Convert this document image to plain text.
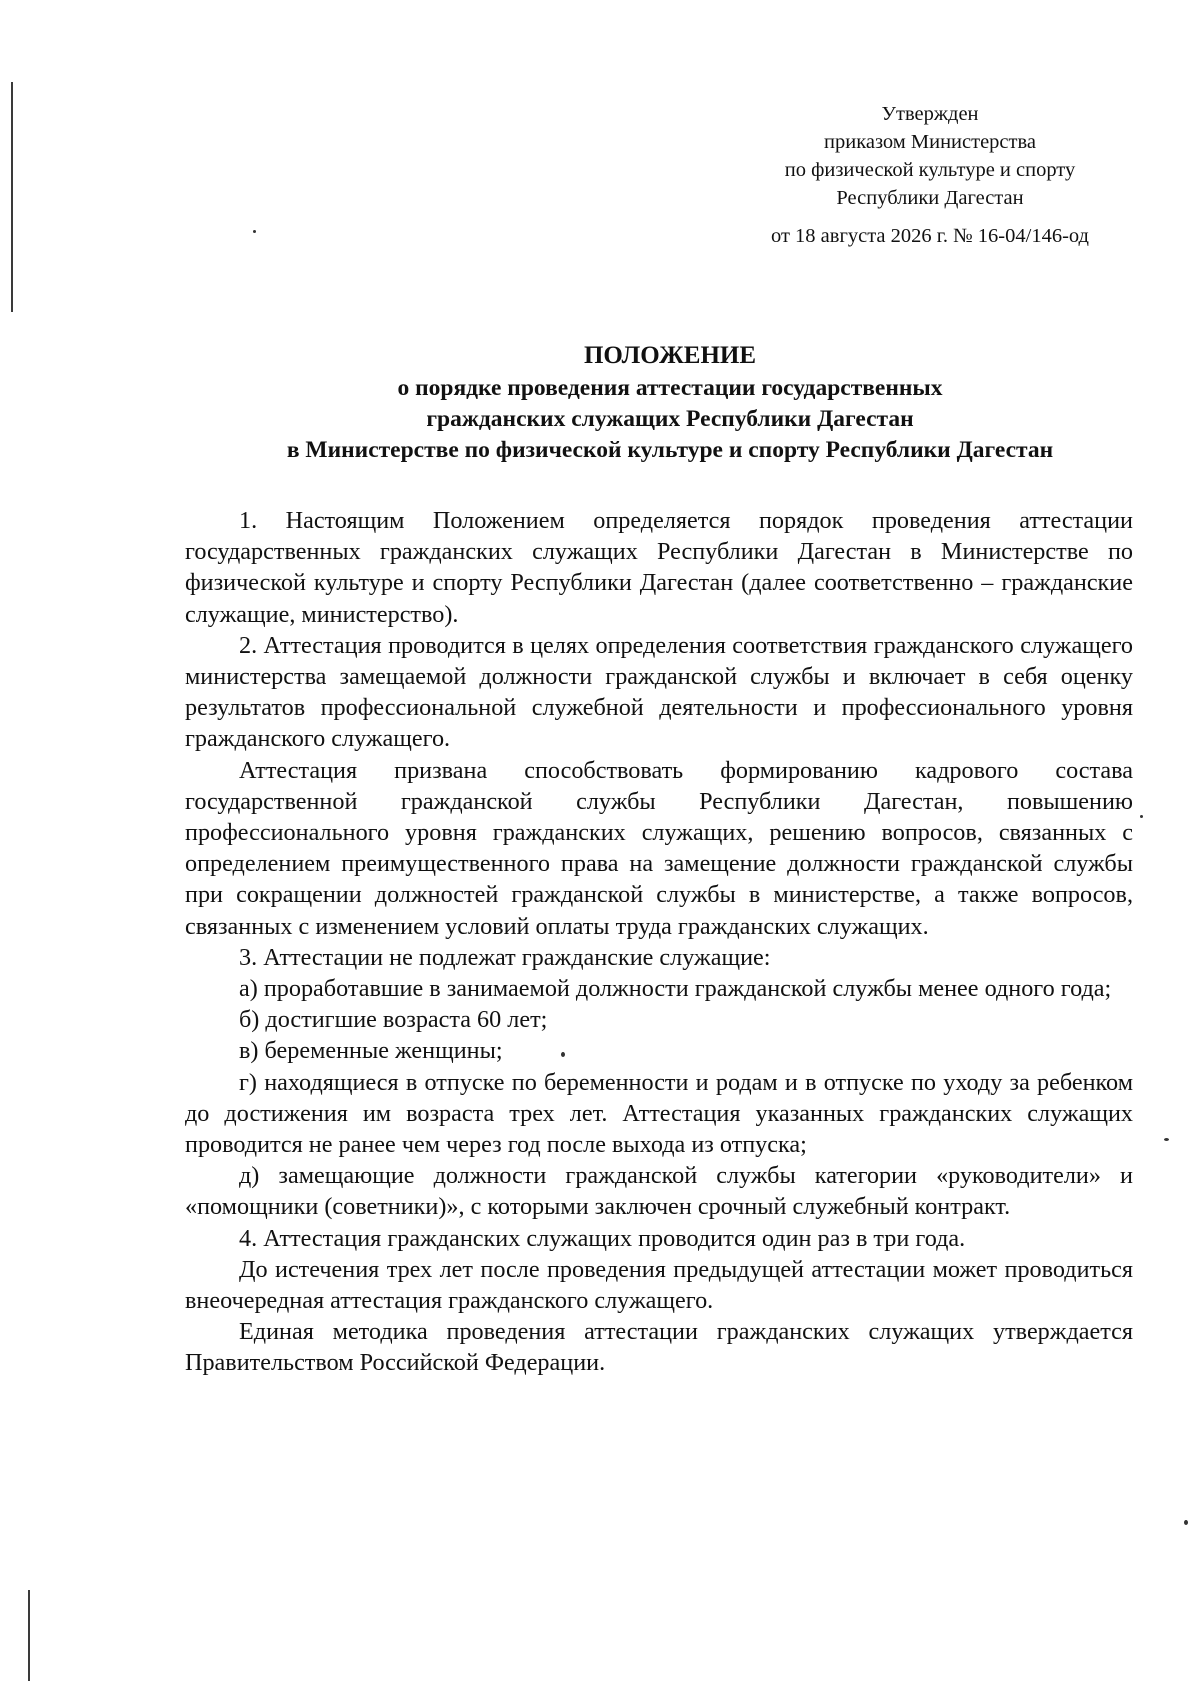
Утвержден
приказом Министерства
по физической культуре и спорту
Республики Дагестан
от 18 августа 2026 г. № 16-04/146-од
ПОЛОЖЕНИЕ
о порядке проведения аттестации государственных
гражданских служащих Республики Дагестан
в Министерстве по физической культуре и спорту Республики Дагестан

1. Настоящим Положением определяется порядок проведения аттестации государственных гражданских служащих Республики Дагестан в Министерстве по физической культуре и спорту Республики Дагестан (далее соответственно – гражданские служащие, министерство).

2. Аттестация проводится в целях определения соответствия гражданского служащего министерства замещаемой должности гражданской службы и включает в себя оценку результатов профессиональной служебной деятельности и профессионального уровня гражданского служащего.

Аттестация призвана способствовать формированию кадрового состава государственной гражданской службы Республики Дагестан, повышению профессионального уровня гражданских служащих, решению вопросов, связанных с определением преимущественного права на замещение должности гражданской службы при сокращении должностей гражданской службы в министерстве, а также вопросов, связанных с изменением условий оплаты труда гражданских служащих.

3. Аттестации не подлежат гражданские служащие:

а) проработавшие в занимаемой должности гражданской службы менее одного года;

б) достигшие возраста 60 лет;

в) беременные женщины;

г) находящиеся в отпуске по беременности и родам и в отпуске по уходу за ребенком до достижения им возраста трех лет. Аттестация указанных гражданских служащих проводится не ранее чем через год после выхода из отпуска;

д) замещающие должности гражданской службы категории «руководители» и «помощники (советники)», с которыми заключен срочный служебный контракт.

4. Аттестация гражданских служащих проводится один раз в три года.

До истечения трех лет после проведения предыдущей аттестации может проводиться внеочередная аттестация гражданского служащего.

Единая методика проведения аттестации гражданских служащих утверждается Правительством Российской Федерации.
